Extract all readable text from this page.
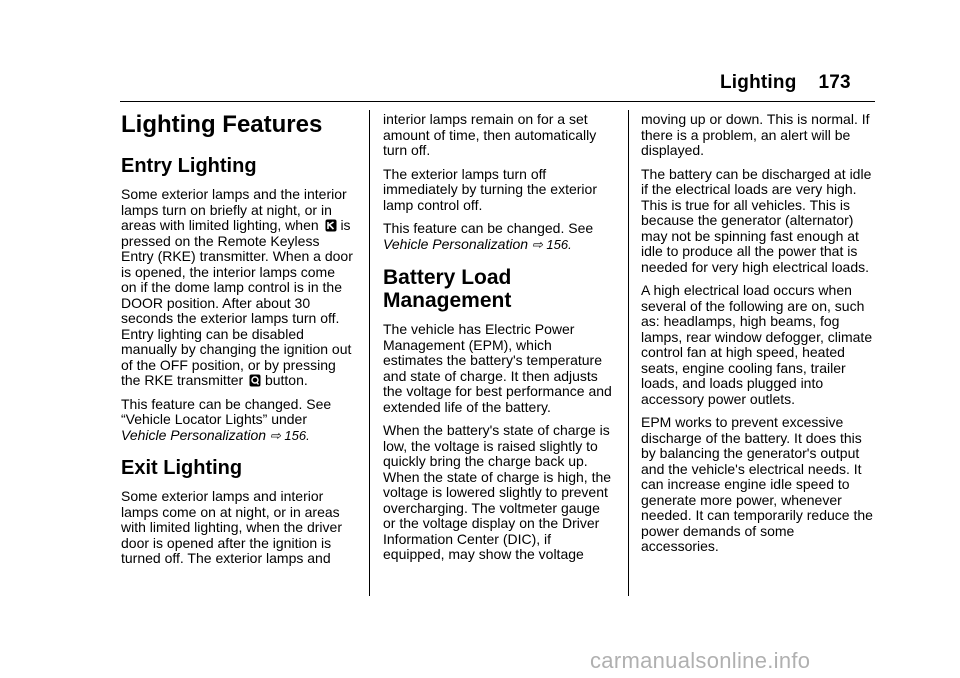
Lighting 173
Lighting Features
Entry Lighting

Some exterior lamps and the interior lamps turn on briefly at night, or in areas with limited lighting, when is pressed on the Remote Keyless Entry (RKE) transmitter. When a door is opened, the interior lamps come on if the dome lamp control is in the DOOR position. After about 30 seconds the exterior lamps turn off. Entry lighting can be disabled manually by changing the ignition out of the OFF position, or by pressing the RKE transmitter button.

This feature can be changed. See “Vehicle Locator Lights” under Vehicle Personalization ⇨ 156.

Exit Lighting

Some exterior lamps and interior lamps come on at night, or in areas with limited lighting, when the driver door is opened after the ignition is turned off. The exterior lamps and

interior lamps remain on for a set amount of time, then automatically turn off.

The exterior lamps turn off immediately by turning the exterior lamp control off.

This feature can be changed. See Vehicle Personalization ⇨ 156.

Battery Load Management

The vehicle has Electric Power Management (EPM), which estimates the battery's temperature and state of charge. It then adjusts the voltage for best performance and extended life of the battery.

When the battery's state of charge is low, the voltage is raised slightly to quickly bring the charge back up. When the state of charge is high, the voltage is lowered slightly to prevent overcharging. The voltmeter gauge or the voltage display on the Driver Information Center (DIC), if equipped, may show the voltage

moving up or down. This is normal. If there is a problem, an alert will be displayed.

The battery can be discharged at idle if the electrical loads are very high. This is true for all vehicles. This is because the generator (alternator) may not be spinning fast enough at idle to produce all the power that is needed for very high electrical loads.

A high electrical load occurs when several of the following are on, such as: headlamps, high beams, fog lamps, rear window defogger, climate control fan at high speed, heated seats, engine cooling fans, trailer loads, and loads plugged into accessory power outlets.

EPM works to prevent excessive discharge of the battery. It does this by balancing the generator's output and the vehicle's electrical needs. It can increase engine idle speed to generate more power, whenever needed. It can temporarily reduce the power demands of some accessories.

carmanualsonline.info
